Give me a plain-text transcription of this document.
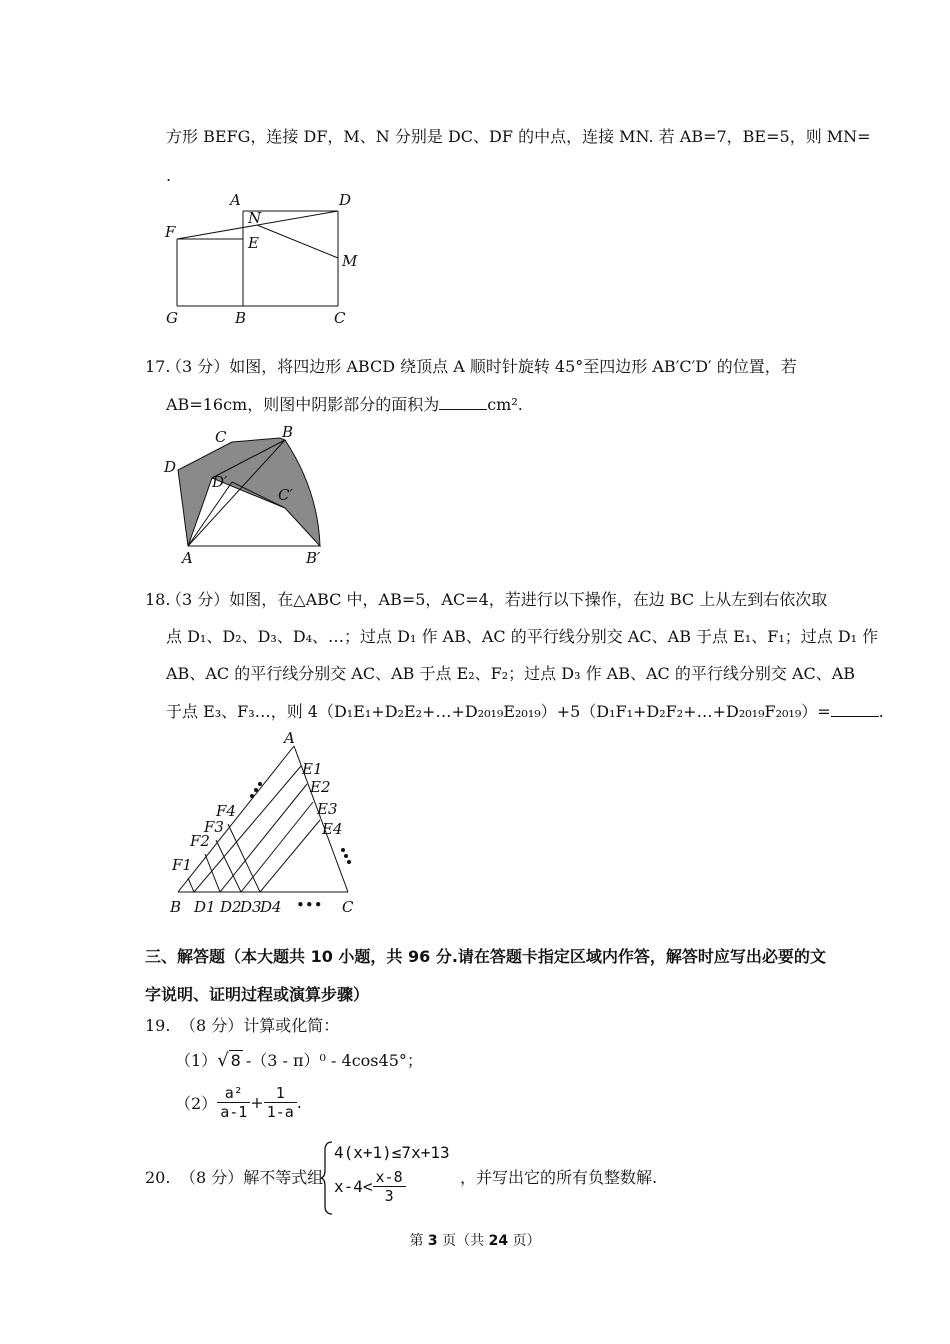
方形 BEFG，连接 DF，M、N 分别是 DC、DF 的中点，连接 MN. 若 AB=7，BE=5，则 MN=
.
A	D
N
F
E
M
G	B	C
17.
（3 分）如图，将四边形 ABCD 绕顶点 A 顺时针旋转 45°至四边形 AB′C′D′ 的位置，若
AB=16cm，则图中阴影部分的面积为	cm².
C	B
D
D′
C′
A	B′
18.
（3 分）如图，在△ABC 中，AB=5，AC=4，若进行以下操作，在边 BC 上从左到右依次取
点 D₁、D₂、D₃、D₄、…；过点 D₁ 作 AB、AC 的平行线分别交 AC、AB 于点 E₁、F₁；过点 D₁ 作
AB、AC 的平行线分别交 AC、AB 于点 E₂、F₂；过点 D₃ 作 AB、AC 的平行线分别交 AC、AB
于点 E₃、F₃…，则 4（D₁E₁+D₂E₂+…+D₂₀₁₉E₂₀₁₉）+5（D₁F₁+D₂F₂+…+D₂₀₁₉F₂₀₁₉）=	.
A
E1
E2
E3
E4
F4
F3
F2
F1
B D1 D2
D3
D4 ••• C
三、解答题（本大题共 10 小题，共 96 分.请在答题卡指定区域内作答，解答时应写出必要的文
字说明、证明过程或演算步骤）
19. （8 分）计算或化简：
（1）√ 8 -（3 - π）⁰ - 4cos45°；
$(2) \frac{\text{a²}}{a-1} + \frac{1}{1-a}$ .
20. （8 分）解不等式组
4(x+1)≤7x+13
$x-4< \frac{x-8}{3}$	，并写出它的所有负整数解.
第 3 页（共 24 页）
